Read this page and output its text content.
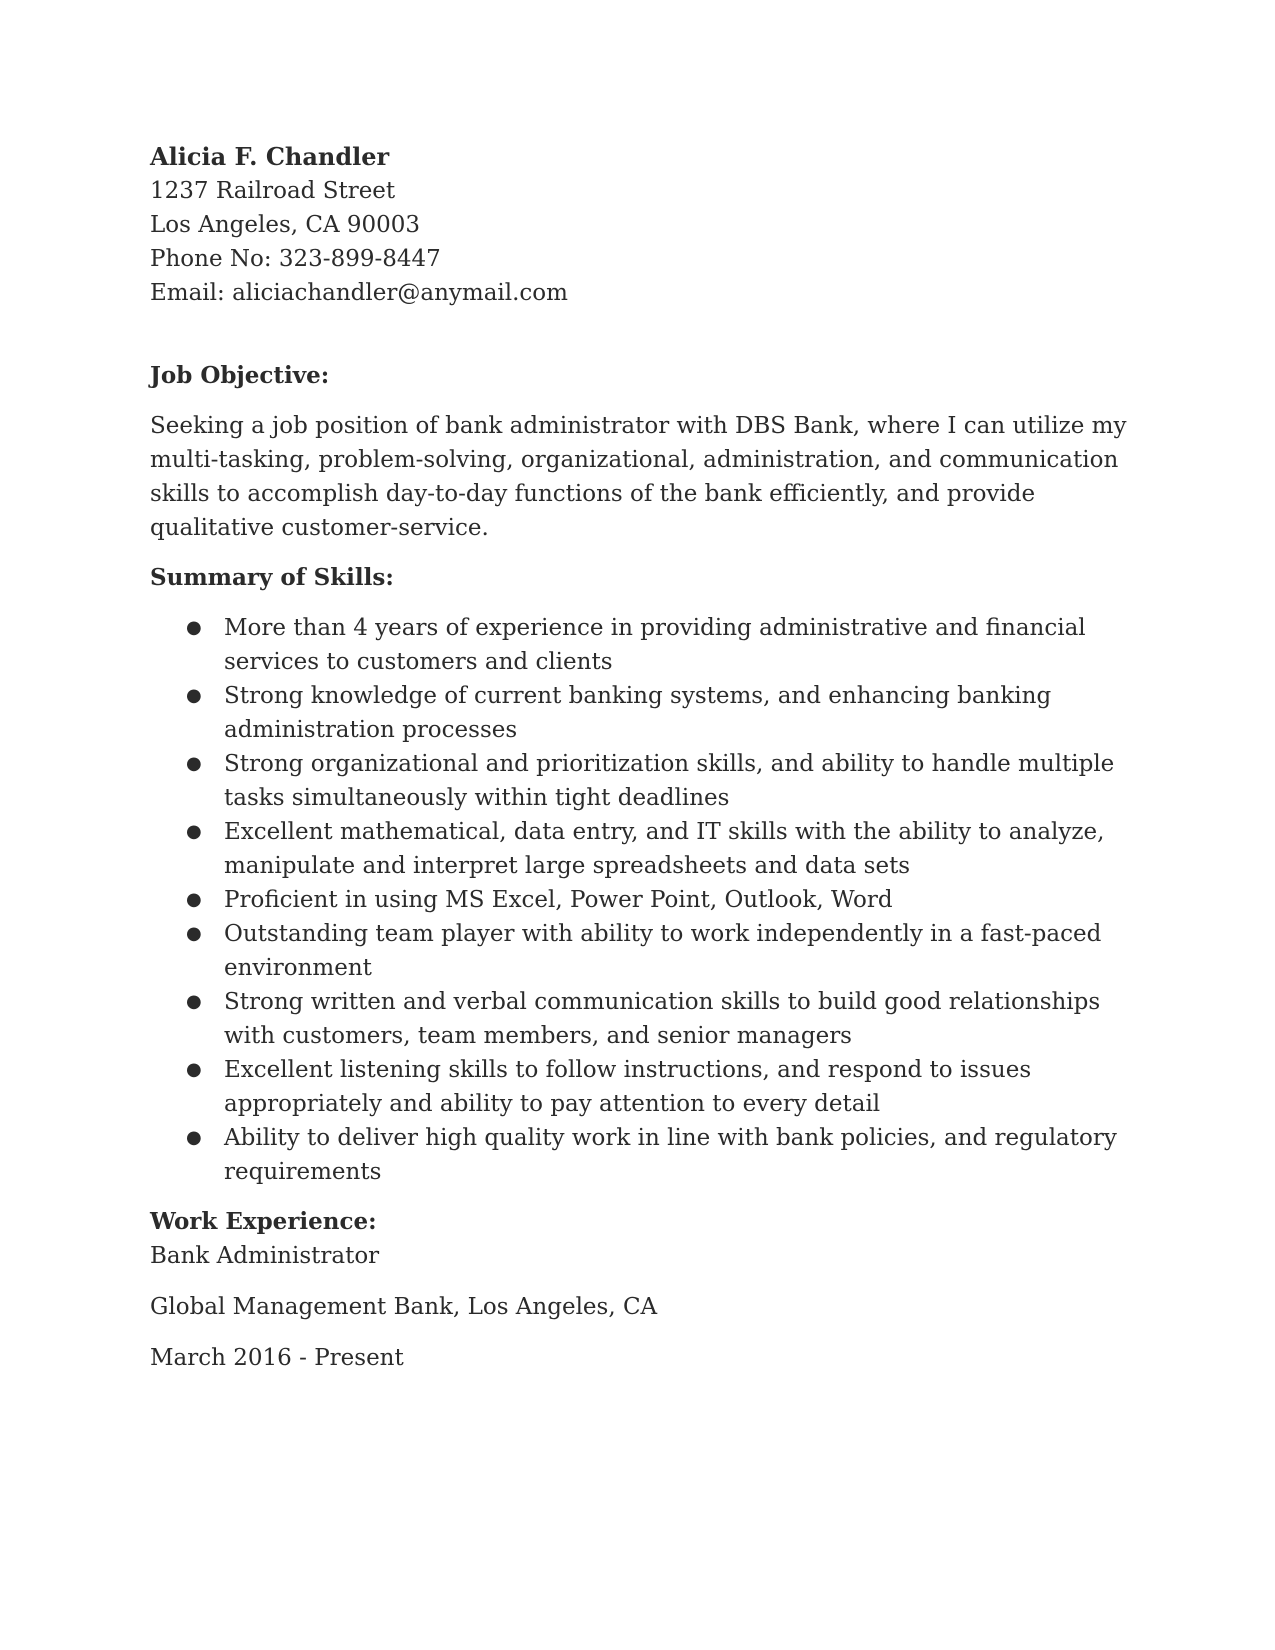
Alicia F. Chandler

1237 Railroad Street

Los Angeles, CA 90003

Phone No: 323-899-8447

Email: aliciachandler@anymail.com

Job Objective:

Seeking a job position of bank administrator with DBS Bank, where I can utilize my multi-tasking, problem-solving, organizational, administration, and communication skills to accomplish day-to-day functions of the bank efficiently, and provide qualitative customer-service.

Summary of Skills:

● More than 4 years of experience in providing administrative and financial services to customers and clients
● Strong knowledge of current banking systems, and enhancing banking administration processes
● Strong organizational and prioritization skills, and ability to handle multiple tasks simultaneously within tight deadlines
● Excellent mathematical, data entry, and IT skills with the ability to analyze, manipulate and interpret large spreadsheets and data sets
● Proficient in using MS Excel, Power Point, Outlook, Word
● Outstanding team player with ability to work independently in a fast-paced environment
● Strong written and verbal communication skills to build good relationships with customers, team members, and senior managers
● Excellent listening skills to follow instructions, and respond to issues appropriately and ability to pay attention to every detail
● Ability to deliver high quality work in line with bank policies, and regulatory requirements

Work Experience:

Bank Administrator

Global Management Bank, Los Angeles, CA

March 2016 - Present
